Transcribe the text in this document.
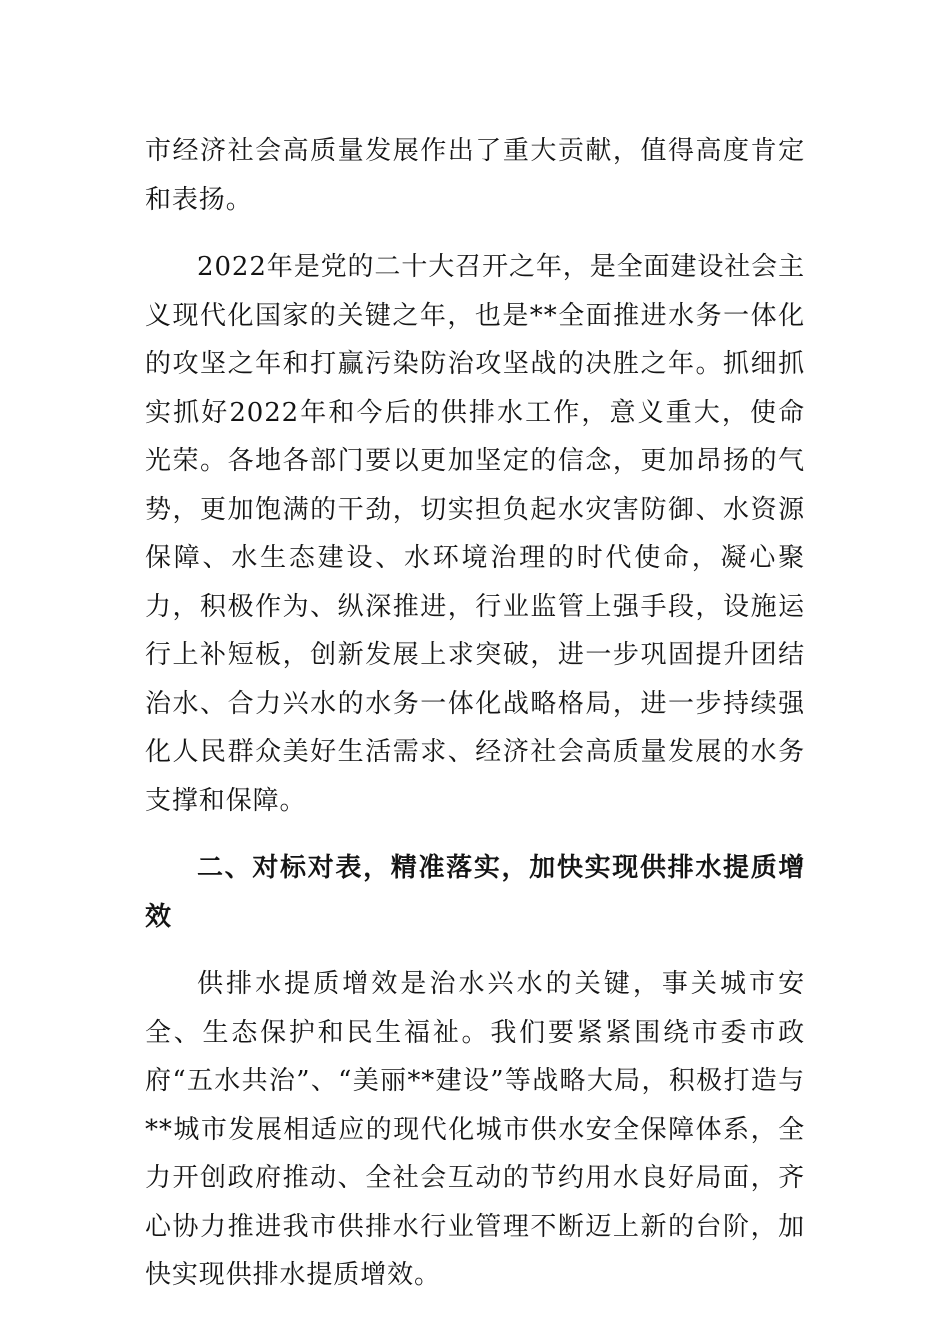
市经济社会高质量发展作出了重大贡献，值得高度肯定和表扬。

2022年是党的二十大召开之年，是全面建设社会主义现代化国家的关键之年，也是**全面推进水务一体化的攻坚之年和打赢污染防治攻坚战的决胜之年。抓细抓实抓好2022年和今后的供排水工作，意义重大，使命光荣。各地各部门要以更加坚定的信念，更加昂扬的气势，更加饱满的干劲，切实担负起水灾害防御、水资源保障、水生态建设、水环境治理的时代使命，凝心聚力，积极作为、纵深推进，行业监管上强手段，设施运行上补短板，创新发展上求突破，进一步巩固提升团结治水、合力兴水的水务一体化战略格局，进一步持续强化人民群众美好生活需求、经济社会高质量发展的水务支撑和保障。

二、对标对表，精准落实，加快实现供排水提质增效

供排水提质增效是治水兴水的关键，事关城市安全、生态保护和民生福祉。我们要紧紧围绕市委市政府“五水共治”、“美丽**建设”等战略大局，积极打造与**城市发展相适应的现代化城市供水安全保障体系，全力开创政府推动、全社会互动的节约用水良好局面，齐心协力推进我市供排水行业管理不断迈上新的台阶，加快实现供排水提质增效。
